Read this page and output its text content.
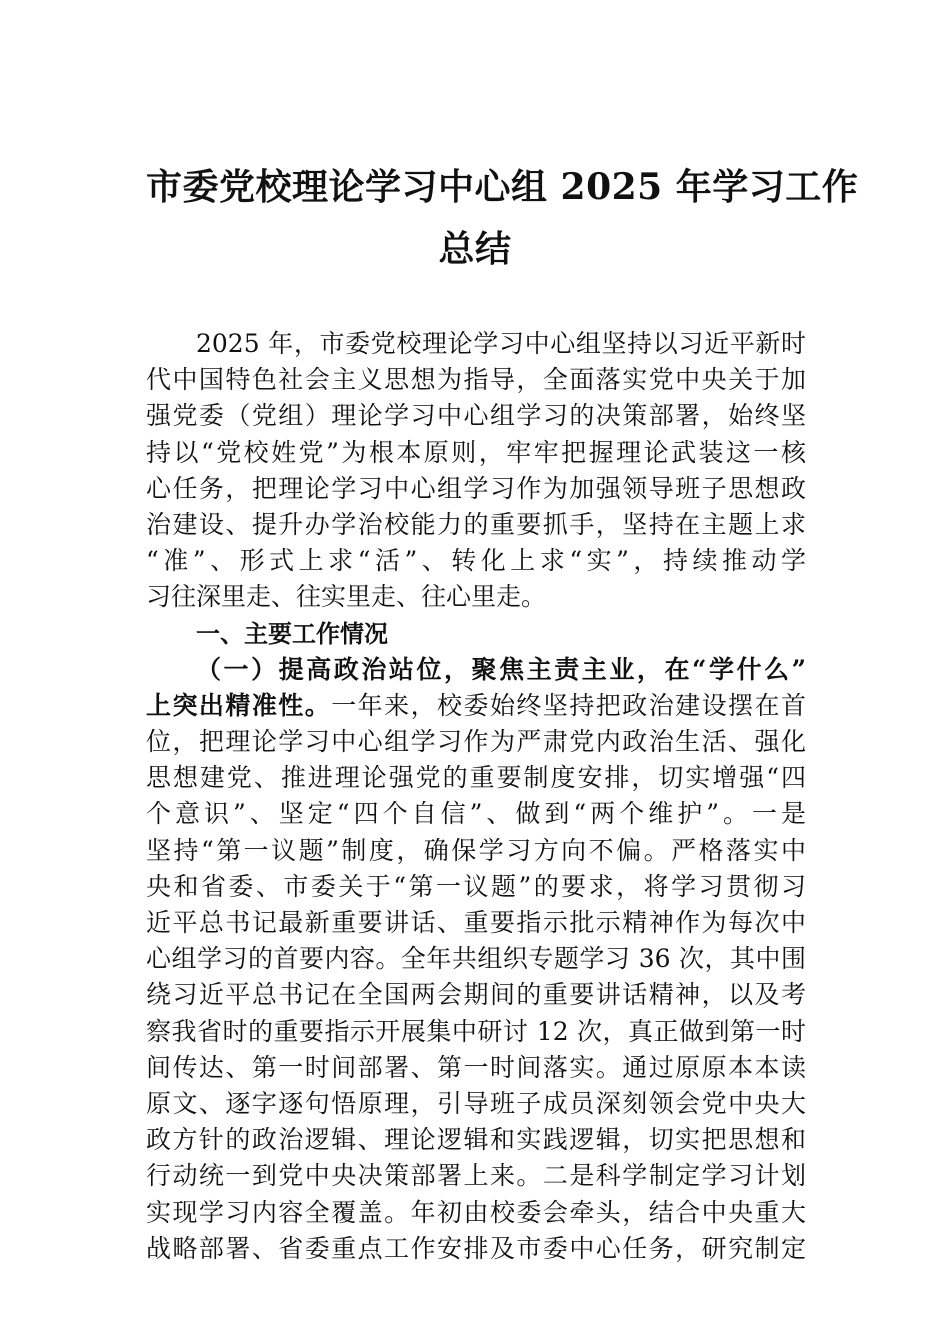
市委党校理论学习中心组 2025 年学习工作
总结
2025 年，市委党校理论学习中心组坚持以习近平新时
代中国特色社会主义思想为指导，全面落实党中央关于加
强党委（党组）理论学习中心组学习的决策部署，始终坚
持以“党校姓党”为根本原则，牢牢把握理论武装这一核
心任务，把理论学习中心组学习作为加强领导班子思想政
治建设、提升办学治校能力的重要抓手，坚持在主题上求
“准”、形式上求“活”、转化上求“实”，持续推动学
习往深里走、往实里走、往心里走。
一、主要工作情况
（一）提高政治站位，聚焦主责主业，在“学什么”
上突出精准性。一年来，校委始终坚持把政治建设摆在首
位，把理论学习中心组学习作为严肃党内政治生活、强化
思想建党、推进理论强党的重要制度安排，切实增强“四
个意识”、坚定“四个自信”、做到“两个维护”。一是
坚持“第一议题”制度，确保学习方向不偏。严格落实中
央和省委、市委关于“第一议题”的要求，将学习贯彻习
近平总书记最新重要讲话、重要指示批示精神作为每次中
心组学习的首要内容。全年共组织专题学习 36 次，其中围
绕习近平总书记在全国两会期间的重要讲话精神，以及考
察我省时的重要指示开展集中研讨 12 次，真正做到第一时
间传达、第一时间部署、第一时间落实。通过原原本本读
原文、逐字逐句悟原理，引导班子成员深刻领会党中央大
政方针的政治逻辑、理论逻辑和实践逻辑，切实把思想和
行动统一到党中央决策部署上来。二是科学制定学习计划
实现学习内容全覆盖。年初由校委会牵头，结合中央重大
战略部署、省委重点工作安排及市委中心任务，研究制定
